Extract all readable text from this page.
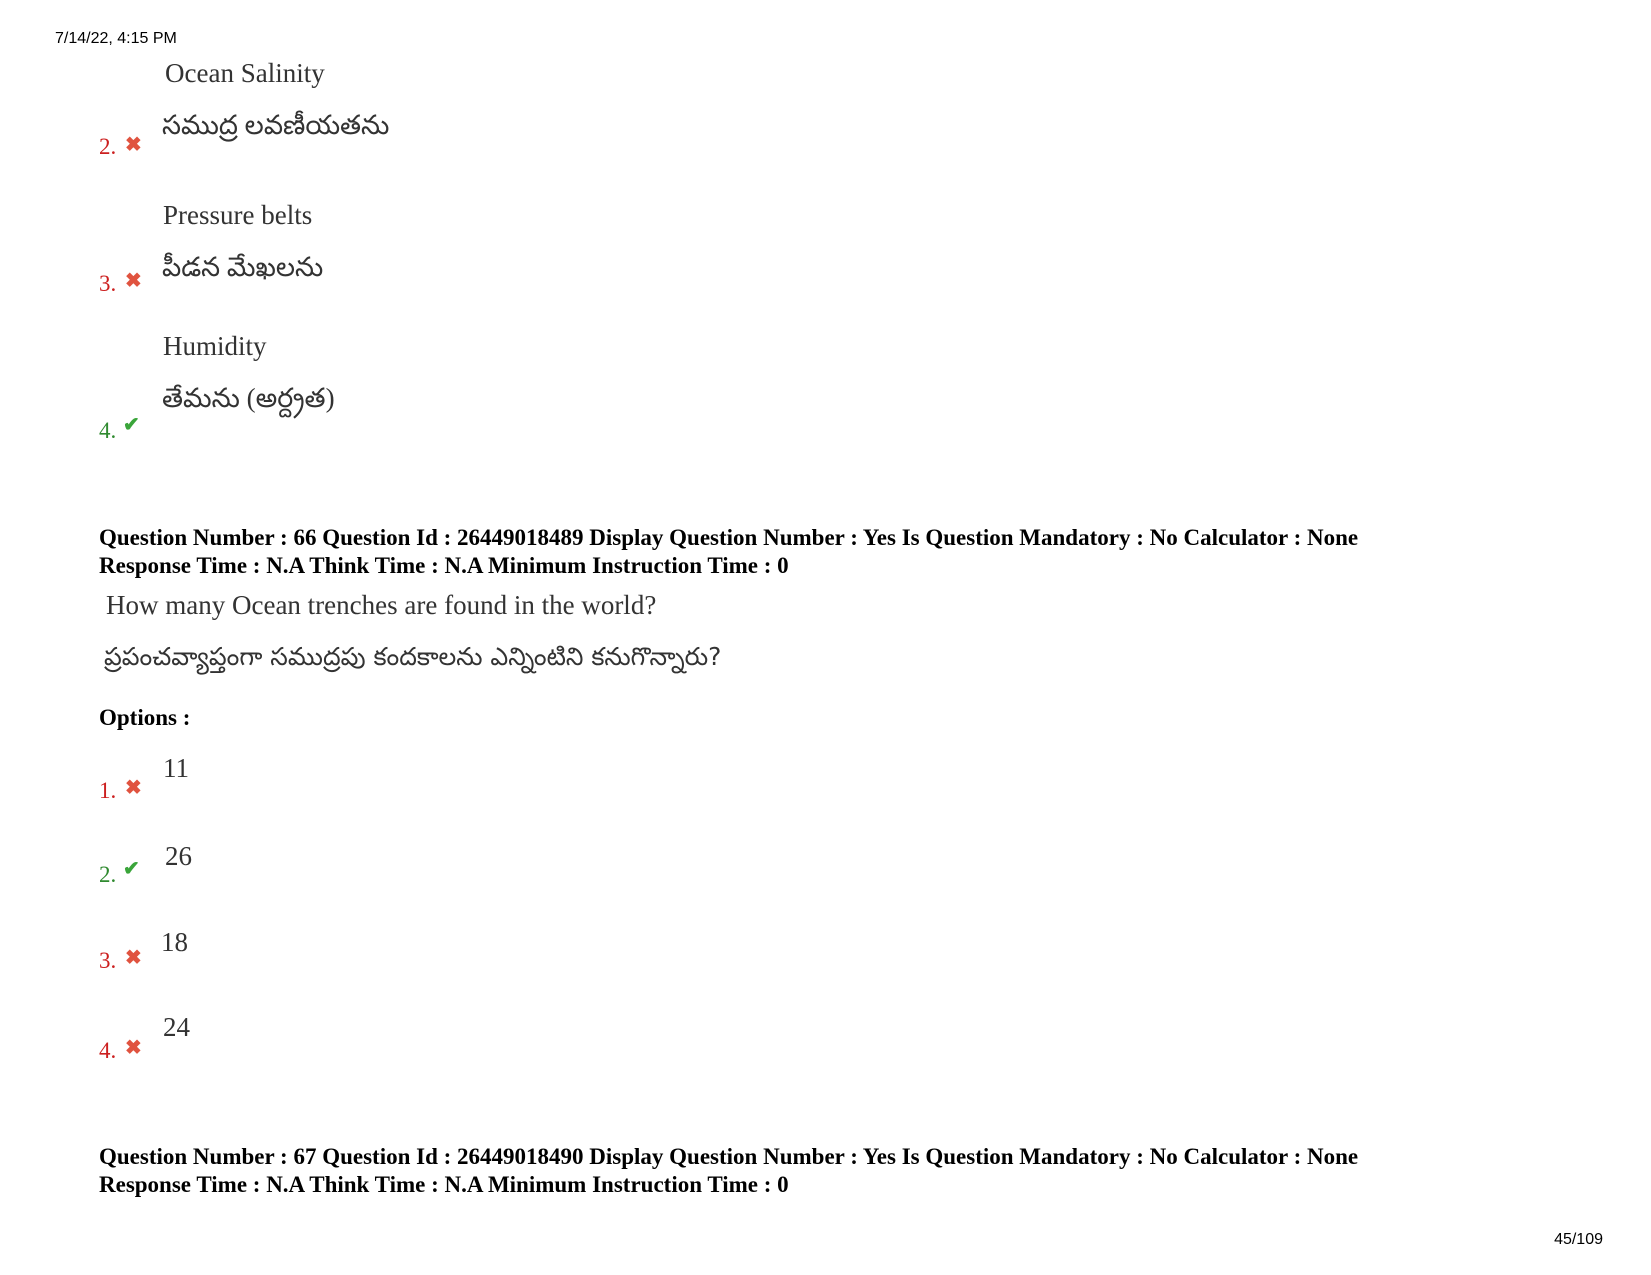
7/14/22, 4:15 PM
45/109
Ocean Salinity
సముద్ర లవణీయతను
2. ✖
Pressure belts
పీడన మేఖలను
3. ✖
Humidity
తేమను (అర్ద్రత)
4. ✔
Question Number : 66 Question Id : 26449018489 Display Question Number : Yes Is Question Mandatory : No Calculator : None
Response Time : N.A Think Time : N.A Minimum Instruction Time : 0
How many Ocean trenches are found in the world?
ప్రపంచవ్యాప్తంగా సముద్రపు కందకాలను ఎన్నింటిని కనుగొన్నారు?
Options :
11
1. ✖
26
2. ✔
18
3. ✖
24
4. ✖
Question Number : 67 Question Id : 26449018490 Display Question Number : Yes Is Question Mandatory : No Calculator : None
Response Time : N.A Think Time : N.A Minimum Instruction Time : 0
